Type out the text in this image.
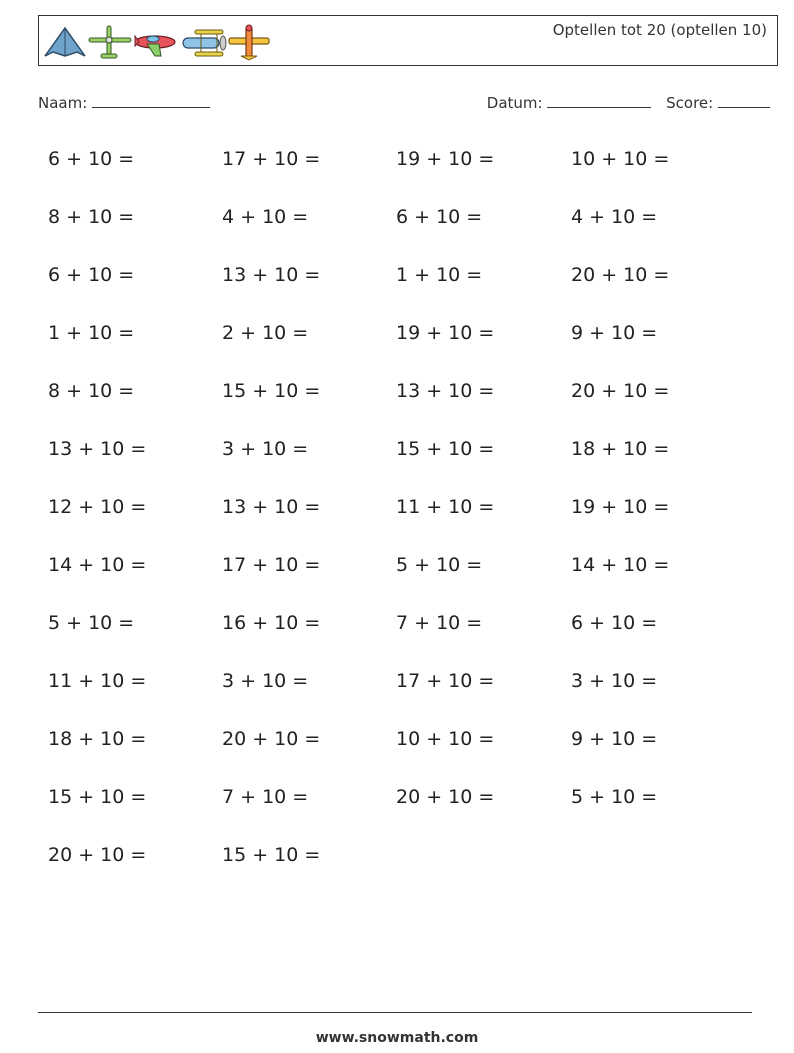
Optellen tot 20 (optellen 10)
Naam:	Datum:	Score:
6 + 10 =	17 + 10 =	19 + 10 =	10 + 10 =
8 + 10 =	4 + 10 =	6 + 10 =	4 + 10 =
6 + 10 =	13 + 10 =	1 + 10 =	20 + 10 =
1 + 10 =	2 + 10 =	19 + 10 =	9 + 10 =
8 + 10 =	15 + 10 =	13 + 10 =	20 + 10 =
13 + 10 =	3 + 10 =	15 + 10 =	18 + 10 =
12 + 10 =	13 + 10 =	11 + 10 =	19 + 10 =
14 + 10 =	17 + 10 =	5 + 10 =	14 + 10 =
5 + 10 =	16 + 10 =	7 + 10 =	6 + 10 =
11 + 10 =	3 + 10 =	17 + 10 =	3 + 10 =
18 + 10 =	20 + 10 =	10 + 10 =	9 + 10 =
15 + 10 =	7 + 10 =	20 + 10 =	5 + 10 =
20 + 10 =	15 + 10 =
www.snowmath.com
